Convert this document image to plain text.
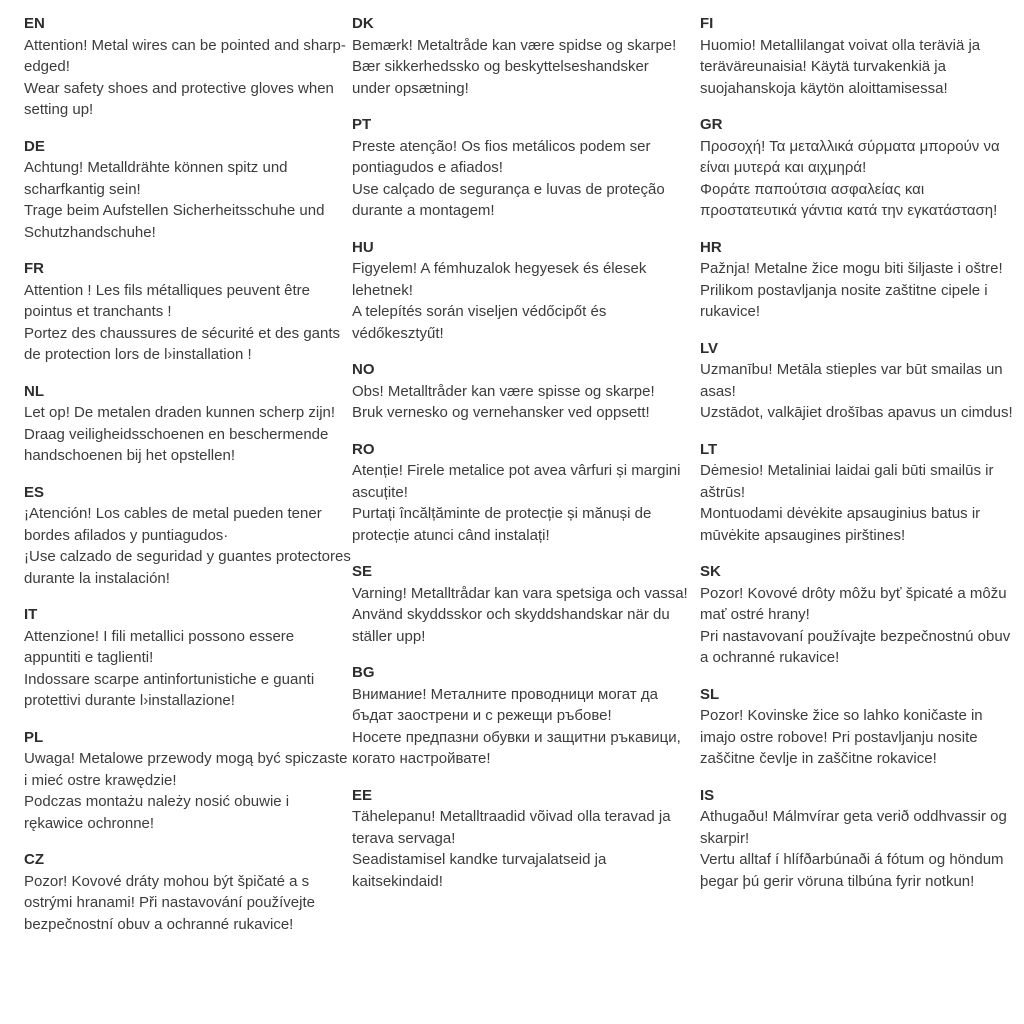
EN

Attention! Metal wires can be pointed and sharp-edged!

Wear safety shoes and protective gloves when setting up!

DE

Achtung! Metalldrähte können spitz und scharfkantig sein!

Trage beim Aufstellen Sicherheitsschuhe und Schutzhandschuhe!

FR

Attention ! Les fils métalliques peuvent être pointus et tranchants !

Portez des chaussures de sécurité et des gants de protection lors de l›installation !

NL

Let op! De metalen draden kunnen scherp zijn!

Draag veiligheidsschoenen en beschermende handschoenen bij het opstellen!

ES

¡Atención! Los cables de metal pueden tener bordes afilados y puntiagudos·

¡Use calzado de seguridad y guantes protectores durante la instalación!

IT

Attenzione! I fili metallici possono essere appuntiti e taglienti!

Indossare scarpe antinfortunistiche e guanti protettivi durante l›installazione!

PL

Uwaga! Metalowe przewody mogą być spiczaste i mieć ostre krawędzie!

Podczas montażu należy nosić obuwie i rękawice ochronne!

CZ

Pozor! Kovové dráty mohou být špičaté a s ostrými hranami! Při nastavování používejte bezpečnostní obuv a ochranné rukavice!

DK

Bemærk! Metaltråde kan være spidse og skarpe!

Bær sikkerhedssko og beskyttelseshandsker under opsætning!

PT

Preste atenção! Os fios metálicos podem ser pontiagudos e afiados!

Use calçado de segurança e luvas de proteção durante a montagem!

HU

Figyelem! A fémhuzalok hegyesek és élesek lehetnek!

A telepítés során viseljen védőcipőt és védőkesztyűt!

NO

Obs! Metalltråder kan være spisse og skarpe!

Bruk vernesko og vernehansker ved oppsett!

RO

Atenție! Firele metalice pot avea vârfuri și margini ascuțite!

Purtați încălțăminte de protecție și mănuși de protecție atunci când instalați!

SE

Varning! Metalltrådar kan vara spetsiga och vassa!

Använd skyddsskor och skyddshandskar när du ställer upp!

BG

Внимание! Металните проводници могат да бъдат заострени и с режещи ръбове!

Носете предпазни обувки и защитни ръкавици, когато настройвате!

EE

Tähelepanu! Metalltraadid võivad olla teravad ja terava servaga!

Seadistamisel kandke turvajalatseid ja kaitsekindaid!

FI

Huomio! Metallilangat voivat olla teräviä ja teräväreunaisia! Käytä turvakenkiä ja suojahanskoja käytön aloittamisessa!

GR

Προσοχή! Τα μεταλλικά σύρματα μπορούν να είναι μυτερά και αιχμηρά!

Φοράτε παπούτσια ασφαλείας και προστατευτικά γάντια κατά την εγκατάσταση!

HR

Pažnja! Metalne žice mogu biti šiljaste i oštre!

Prilikom postavljanja nosite zaštitne cipele i rukavice!

LV

Uzmanību! Metāla stieples var būt smailas un asas!

Uzstādot, valkājiet drošības apavus un cimdus!

LT

Dėmesio! Metaliniai laidai gali būti smailūs ir aštrūs!

Montuodami dėvėkite apsauginius batus ir mūvėkite apsaugines pirštines!

SK

Pozor! Kovové drôty môžu byť špicaté a môžu mať ostré hrany!

Pri nastavovaní používajte bezpečnostnú obuv a ochranné rukavice!

SL

Pozor! Kovinske žice so lahko koničaste in imajo ostre robove! Pri postavljanju nosite zaščitne čevlje in zaščitne rokavice!

IS

Athugaðu! Málmvírar geta verið oddhvassir og skarpir!

Vertu alltaf í hlífðarbúnaði á fótum og höndum þegar þú gerir vöruna tilbúna fyrir notkun!
